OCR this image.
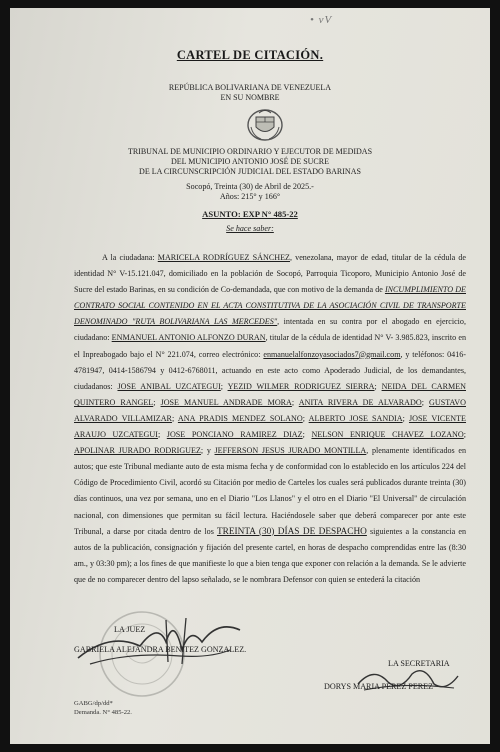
• vV
CARTEL DE CITACIÓN.
REPÚBLICA BOLIVARIANA DE VENEZUELA
EN SU NOMBRE
TRIBUNAL DE MUNICIPIO ORDINARIO Y EJECUTOR DE MEDIDAS
DEL MUNICIPIO ANTONIO JOSÉ DE SUCRE
DE LA CIRCUNSCRIPCIÓN JUDICIAL DEL ESTADO BARINAS
Socopó, Treinta (30) de Abril de 2025.-
Años: 215° y 166°
ASUNTO: EXP N° 485-22
Se hace saber:
A la ciudadana: MARICELA RODRÍGUEZ SÁNCHEZ, venezolana, mayor de edad, titular de la cédula de identidad N° V-15.121.047, domiciliado en la población de Socopó, Parroquia Ticoporo, Municipio Antonio José de Sucre del estado Barinas, en su condición de Co-demandada, que con motivo de la demanda de INCUMPLIMIENTO DE CONTRATO SOCIAL CONTENIDO EN EL ACTA CONSTITUTIVA DE LA ASOCIACIÓN CIVIL DE TRANSPORTE DENOMINADO "RUTA BOLIVARIANA LAS MERCEDES", intentada en su contra por el abogado en ejercicio, ciudadano: ENMANUEL ANTONIO ALFONZO DURAN, titular de la cédula de identidad N° V- 3.985.823, inscrito en el Inpreabogado bajo el N° 221.074, correo electrónico: enmanuelalfonzoyasociados7@gmail.com, y teléfonos: 0416-4781947, 0414-1586794 y 0412-6768011, actuando en este acto como Apoderado Judicial, de los demandantes, ciudadanos: JOSE ANIBAL UZCATEGUI; YEZID WILMER RODRIGUEZ SIERRA; NEIDA DEL CARMEN QUINTERO RANGEL; JOSE MANUEL ANDRADE MORA; ANITA RIVERA DE ALVARADO; GUSTAVO ALVARADO VILLAMIZAR; ANA PRADIS MENDEZ SOLANO; ALBERTO JOSE SANDIA; JOSE VICENTE ARAUJO UZCATEGUI; JOSE PONCIANO RAMIREZ DIAZ; NELSON ENRIQUE CHAVEZ LOZANO; APOLINAR JURADO RODRIGUEZ; y JEFFERSON JESUS JURADO MONTILLA, plenamente identificados en autos; que este Tribunal mediante auto de esta misma fecha y de conformidad con lo establecido en los artículos 224 del Código de Procedimiento Civil, acordó su Citación por medio de Carteles los cuales será publicados durante treinta (30) días continuos, una vez por semana, uno en el Diario "Los Llanos" y el otro en el Diario "El Universal" de circulación nacional, con dimensiones que permitan su fácil lectura. Haciéndosele saber que deberá comparecer por ante este Tribunal, a darse por citada dentro de los TREINTA (30) DÍAS DE DESPACHO siguientes a la constancia en autos de la publicación, consignación y fijación del presente cartel, en horas de despacho comprendidas entre las (8:30 am., y 03:30 pm); a los fines de que manifieste lo que a bien tenga que exponer con relación a la demanda. Se le advierte que de no comparecer dentro del lapso señalado, se le nombrara Defensor con quien se entederá la citación
LA JUEZ
GABRIELA ALEJANDRA BENITEZ GONZALEZ.
LA SECRETARIA
DORYS MARIA PEREZ PEREZ
GABG/dp/dd*
Demanda. N° 485-22.
